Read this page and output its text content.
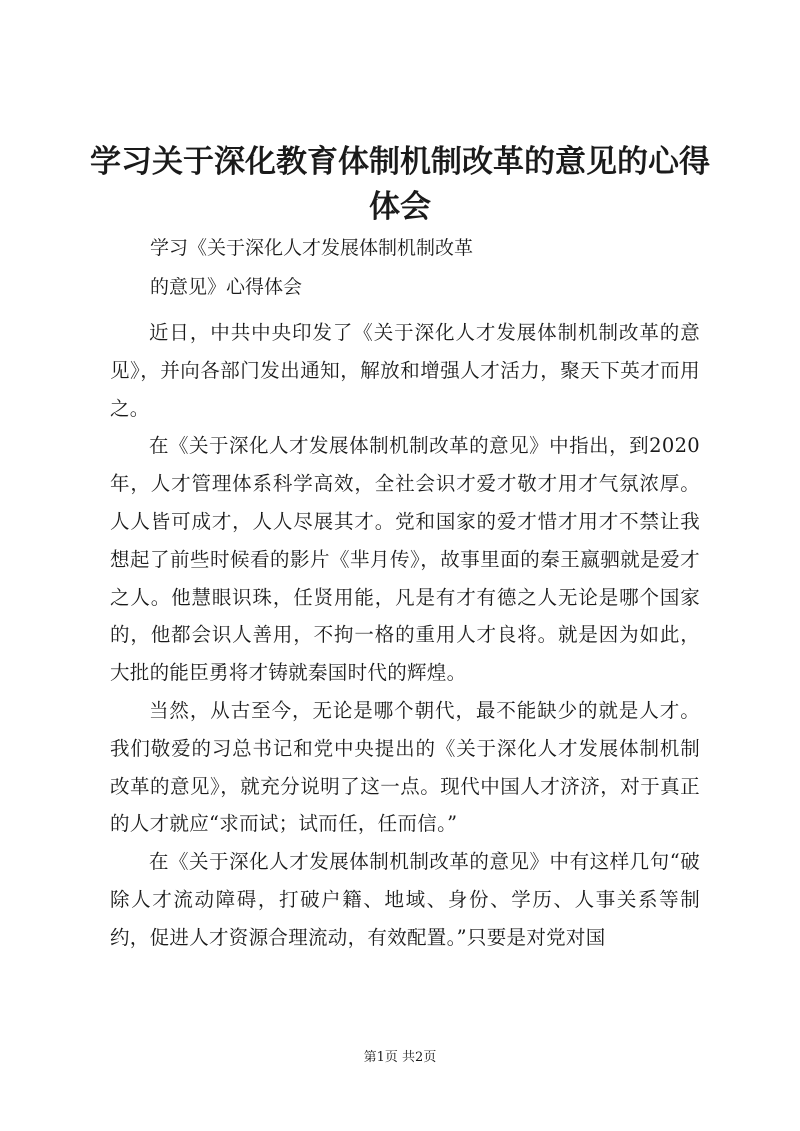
学习关于深化教育体制机制改革的意见的心得体会
学习《关于深化人才发展体制机制改革
的意见》心得体会

近日，中共中央印发了《关于深化人才发展体制机制改革的意见》，并向各部门发出通知，解放和增强人才活力，聚天下英才而用之。

在《关于深化人才发展体制机制改革的意见》中指出，到2020年，人才管理体系科学高效，全社会识才爱才敬才用才气氛浓厚。人人皆可成才，人人尽展其才。党和国家的爱才惜才用才不禁让我想起了前些时候看的影片《芈月传》，故事里面的秦王嬴驷就是爱才之人。他慧眼识珠，任贤用能，凡是有才有德之人无论是哪个国家的，他都会识人善用，不拘一格的重用人才良将。就是因为如此，大批的能臣勇将才铸就秦国时代的辉煌。

当然，从古至今，无论是哪个朝代，最不能缺少的就是人才。我们敬爱的习总书记和党中央提出的《关于深化人才发展体制机制改革的意见》，就充分说明了这一点。现代中国人才济济，对于真正的人才就应“求而试；试而任，任而信。”

在《关于深化人才发展体制机制改革的意见》中有这样几句“破除人才流动障碍，打破户籍、地域、身份、学历、人事关系等制约，促进人才资源合理流动，有效配置。”只要是对党对国

第1页 共2页
